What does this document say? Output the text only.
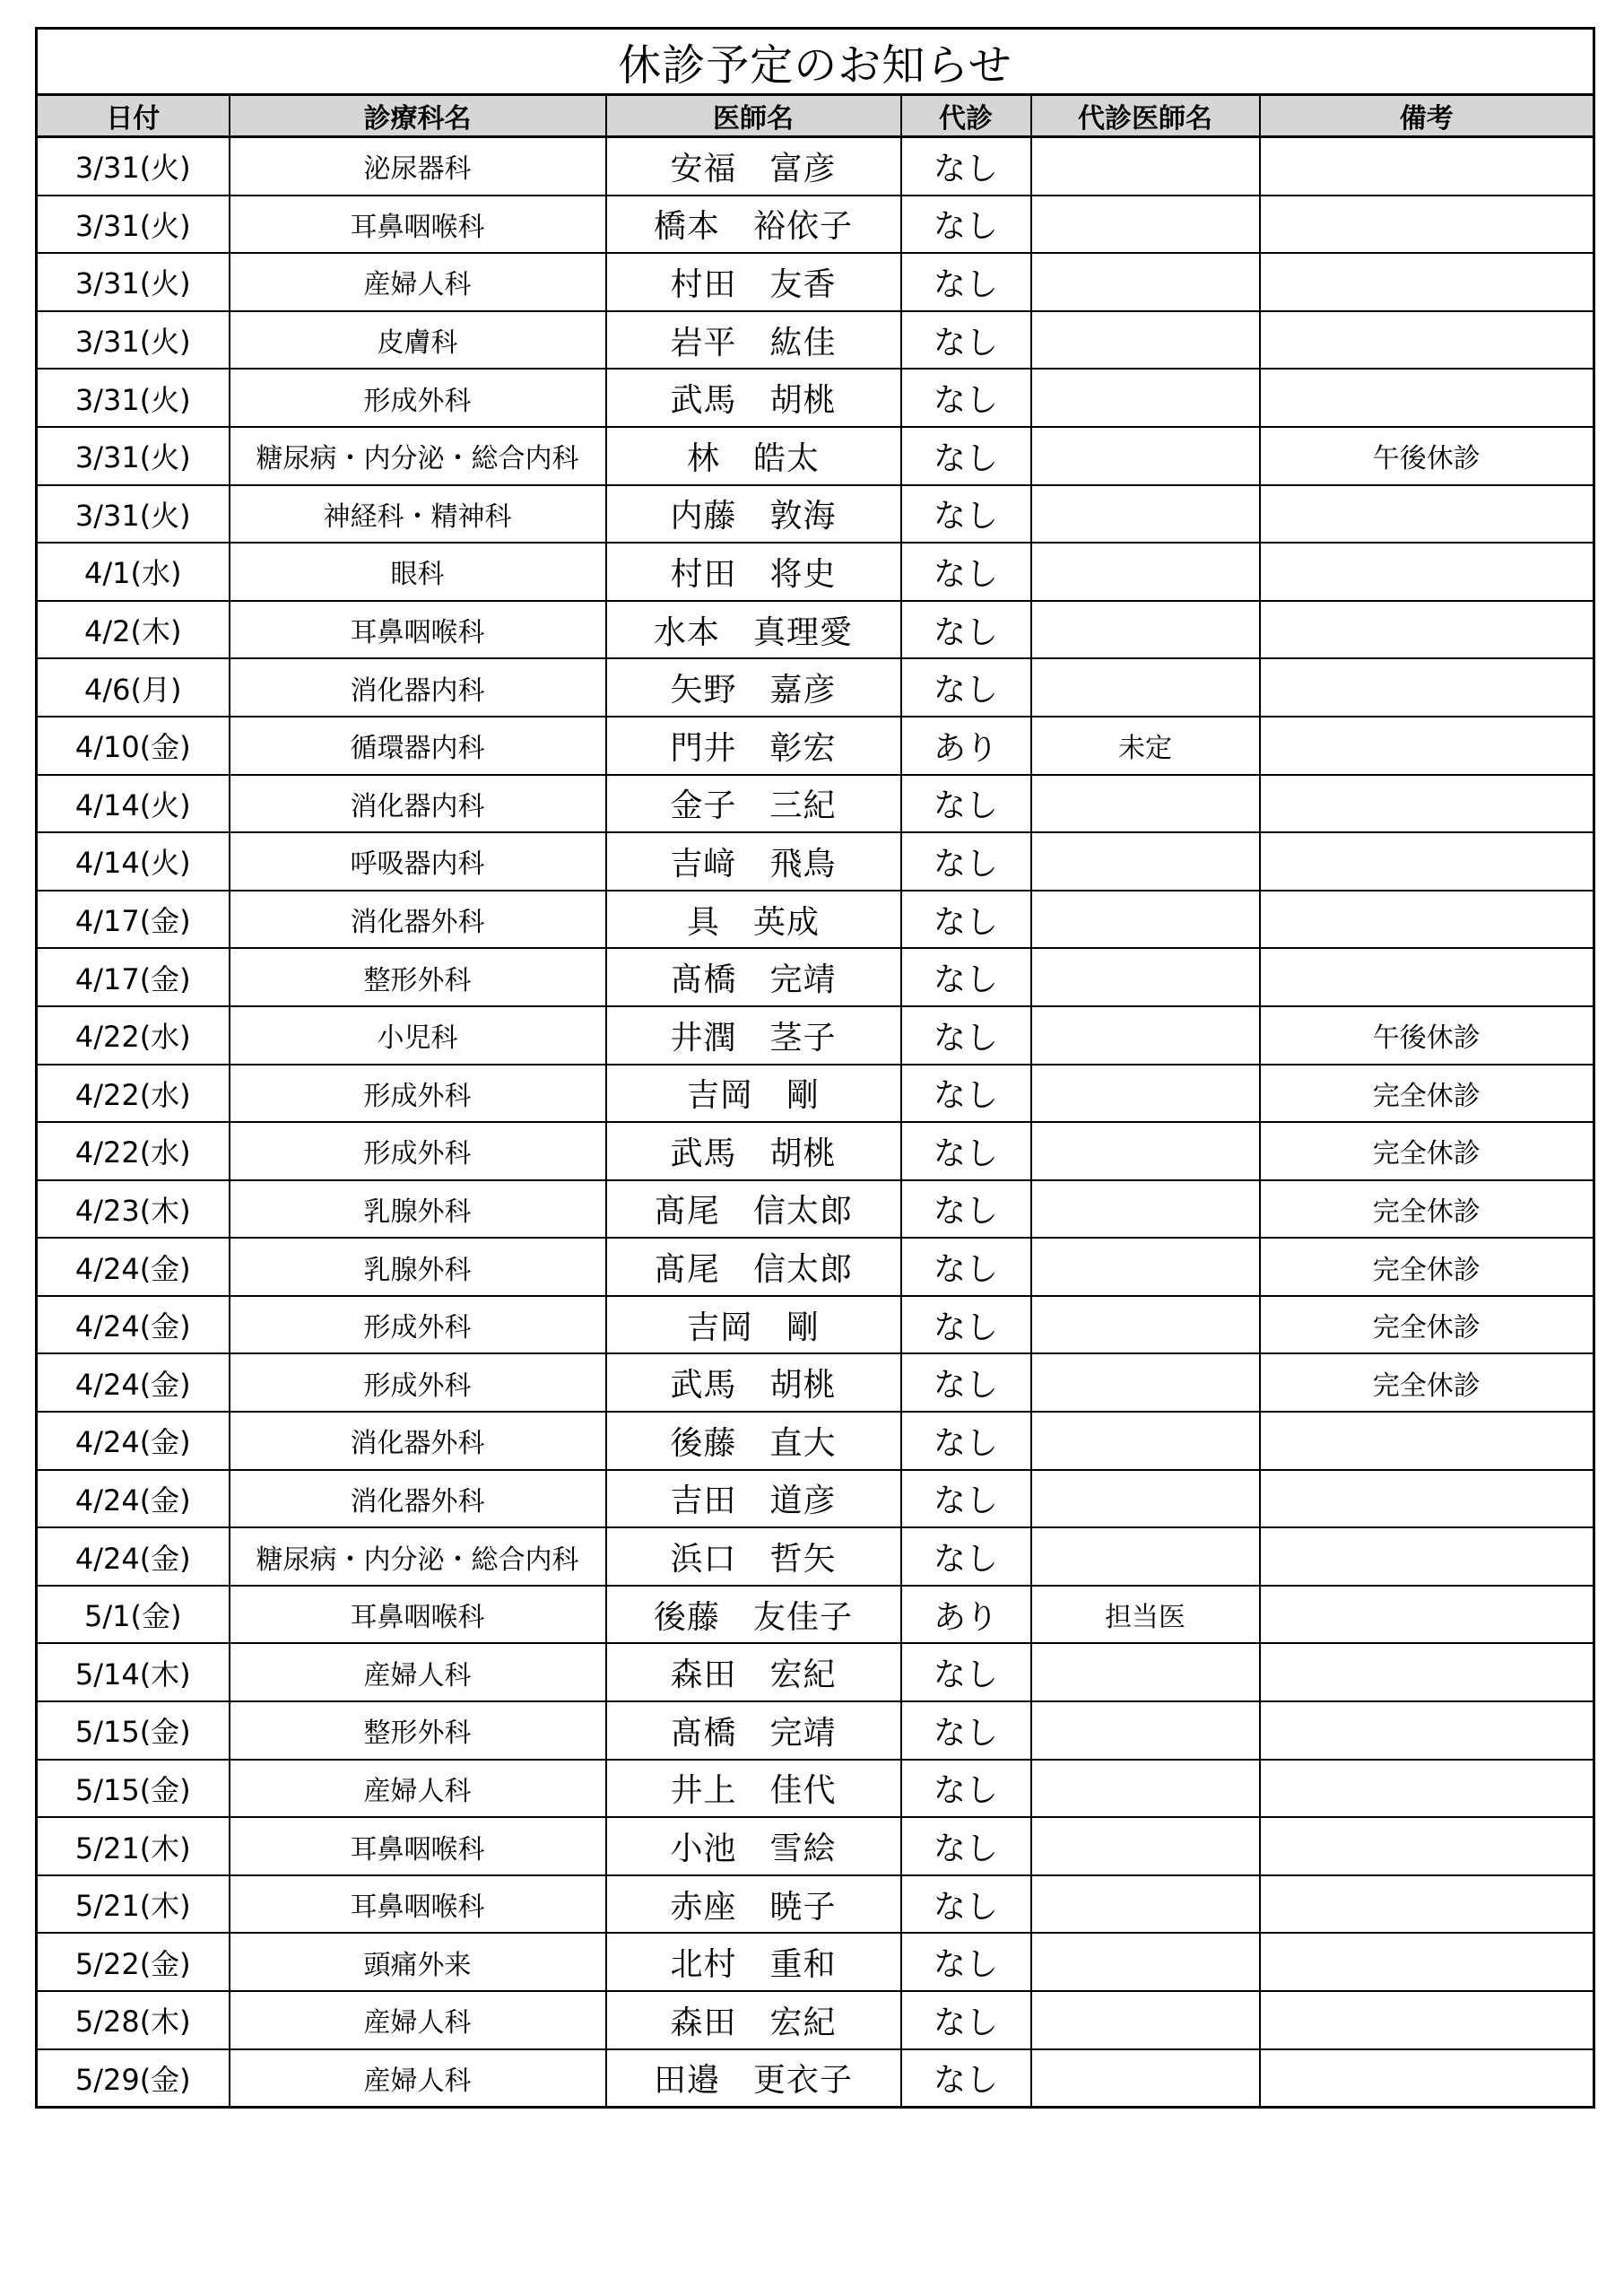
休診予定のお知らせ					
日付	診療科名	医師名	代診	代診医師名	備考
3/31(火)	泌尿器科	安福　富彦	なし		
3/31(火)	耳鼻咽喉科	橋本　裕依子	なし		
3/31(火)	産婦人科	村田　友香	なし		
3/31(火)	皮膚科	岩平　紘佳	なし		
3/31(火)	形成外科	武馬　胡桃	なし		
3/31(火)	糖尿病・内分泌・総合内科	林　皓太	なし		午後休診
3/31(火)	神経科・精神科	内藤　敦海	なし		
4/1(水)	眼科	村田　将史	なし		
4/2(木)	耳鼻咽喉科	水本　真理愛	なし		
4/6(月)	消化器内科	矢野　嘉彦	なし		
4/10(金)	循環器内科	門井　彰宏	あり	未定	
4/14(火)	消化器内科	金子　三紀	なし		
4/14(火)	呼吸器内科	吉﨑　飛鳥	なし		
4/17(金)	消化器外科	具　英成	なし		
4/17(金)	整形外科	髙橋　完靖	なし		
4/22(水)	小児科	井潤　茎子	なし		午後休診
4/22(水)	形成外科	吉岡　剛	なし		完全休診
4/22(水)	形成外科	武馬　胡桃	なし		完全休診
4/23(木)	乳腺外科	髙尾　信太郎	なし		完全休診
4/24(金)	乳腺外科	髙尾　信太郎	なし		完全休診
4/24(金)	形成外科	吉岡　剛	なし		完全休診
4/24(金)	形成外科	武馬　胡桃	なし		完全休診
4/24(金)	消化器外科	後藤　直大	なし		
4/24(金)	消化器外科	吉田　道彦	なし		
4/24(金)	糖尿病・内分泌・総合内科	浜口　哲矢	なし		
5/1(金)	耳鼻咽喉科	後藤　友佳子	あり	担当医	
5/14(木)	産婦人科	森田　宏紀	なし		
5/15(金)	整形外科	髙橋　完靖	なし		
5/15(金)	産婦人科	井上　佳代	なし		
5/21(木)	耳鼻咽喉科	小池　雪絵	なし		
5/21(木)	耳鼻咽喉科	赤座　暁子	なし		
5/22(金)	頭痛外来	北村　重和	なし		
5/28(木)	産婦人科	森田　宏紀	なし		
5/29(金)	産婦人科	田邉　更衣子	なし		
